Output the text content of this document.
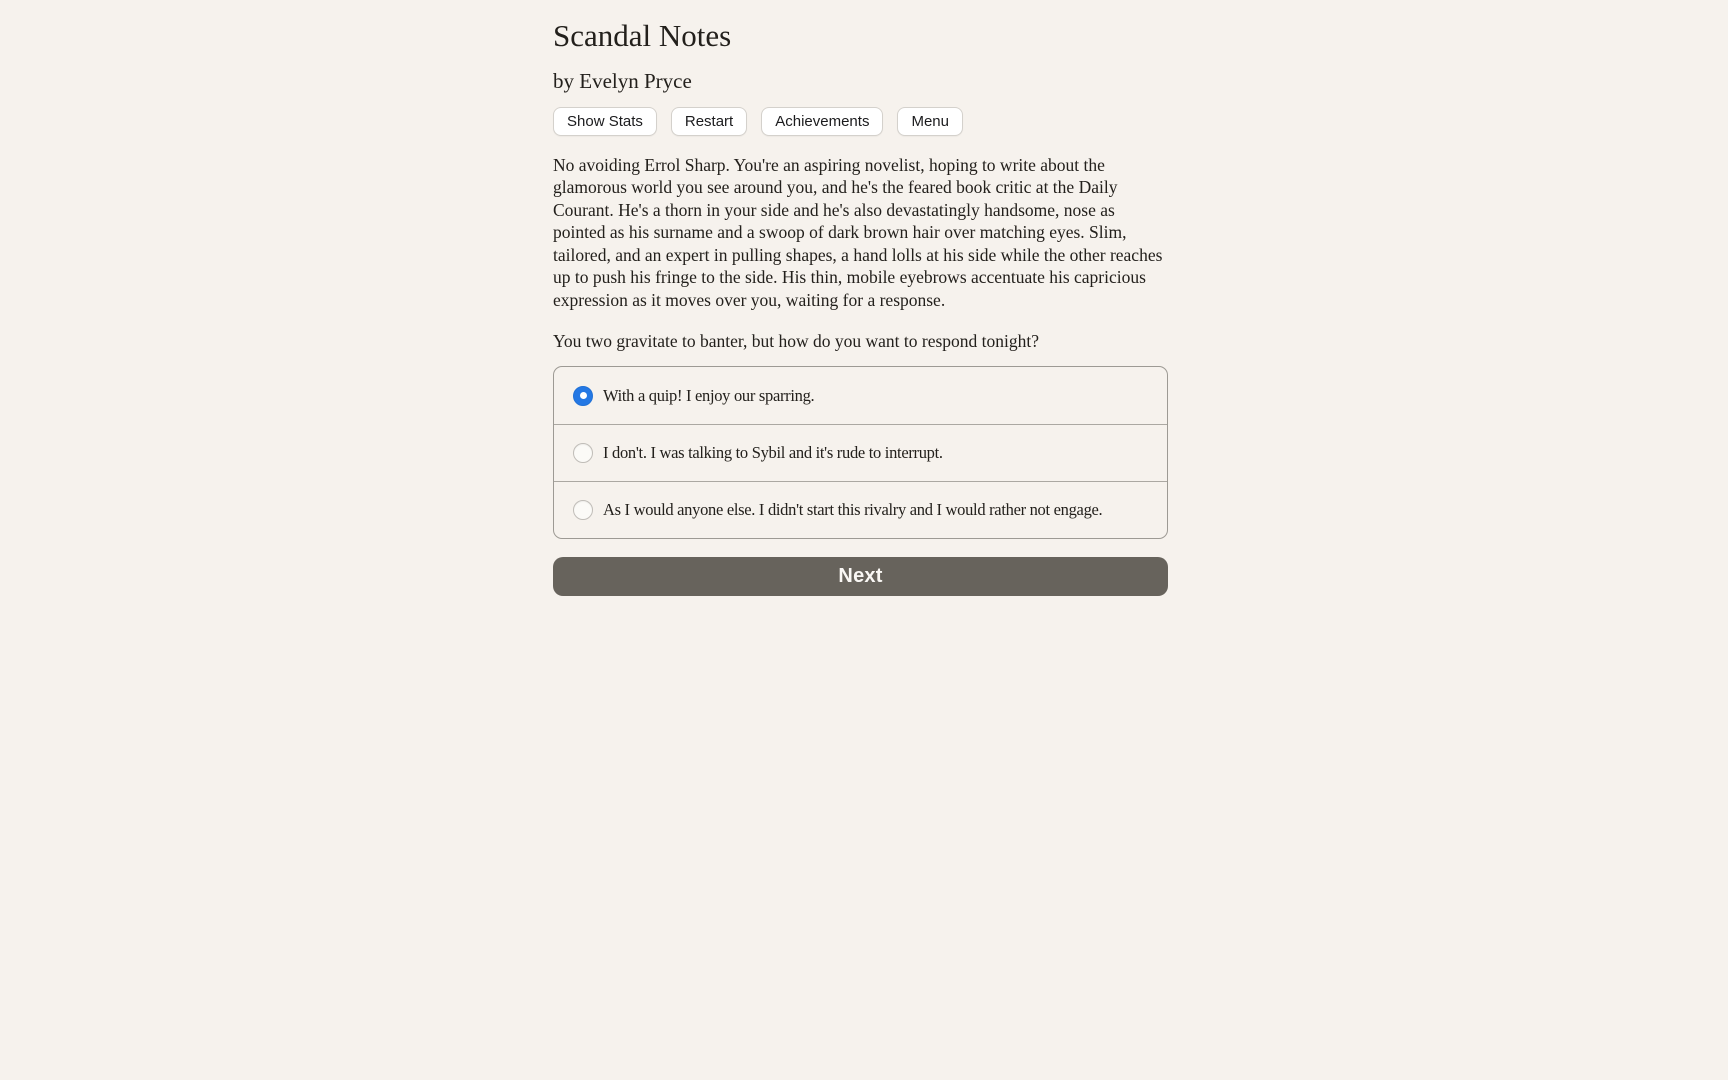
Scandal Notes

by Evelyn Pryce

Show Stats	Restart	Achievements	Menu

No avoiding Errol Sharp. You're an aspiring novelist, hoping to write about the glamorous world you see around you, and he's the feared book critic at the Daily Courant. He's a thorn in your side and he's also devastatingly handsome, nose as pointed as his surname and a swoop of dark brown hair over matching eyes. Slim, tailored, and an expert in pulling shapes, a hand lolls at his side while the other reaches up to push his fringe to the side. His thin, mobile eyebrows accentuate his capricious expression as it moves over you, waiting for a response.

You two gravitate to banter, but how do you want to respond tonight?

With a quip! I enjoy our sparring.
I don't. I was talking to Sybil and it's rude to interrupt.
As I would anyone else. I didn't start this rivalry and I would rather not engage.
Next
